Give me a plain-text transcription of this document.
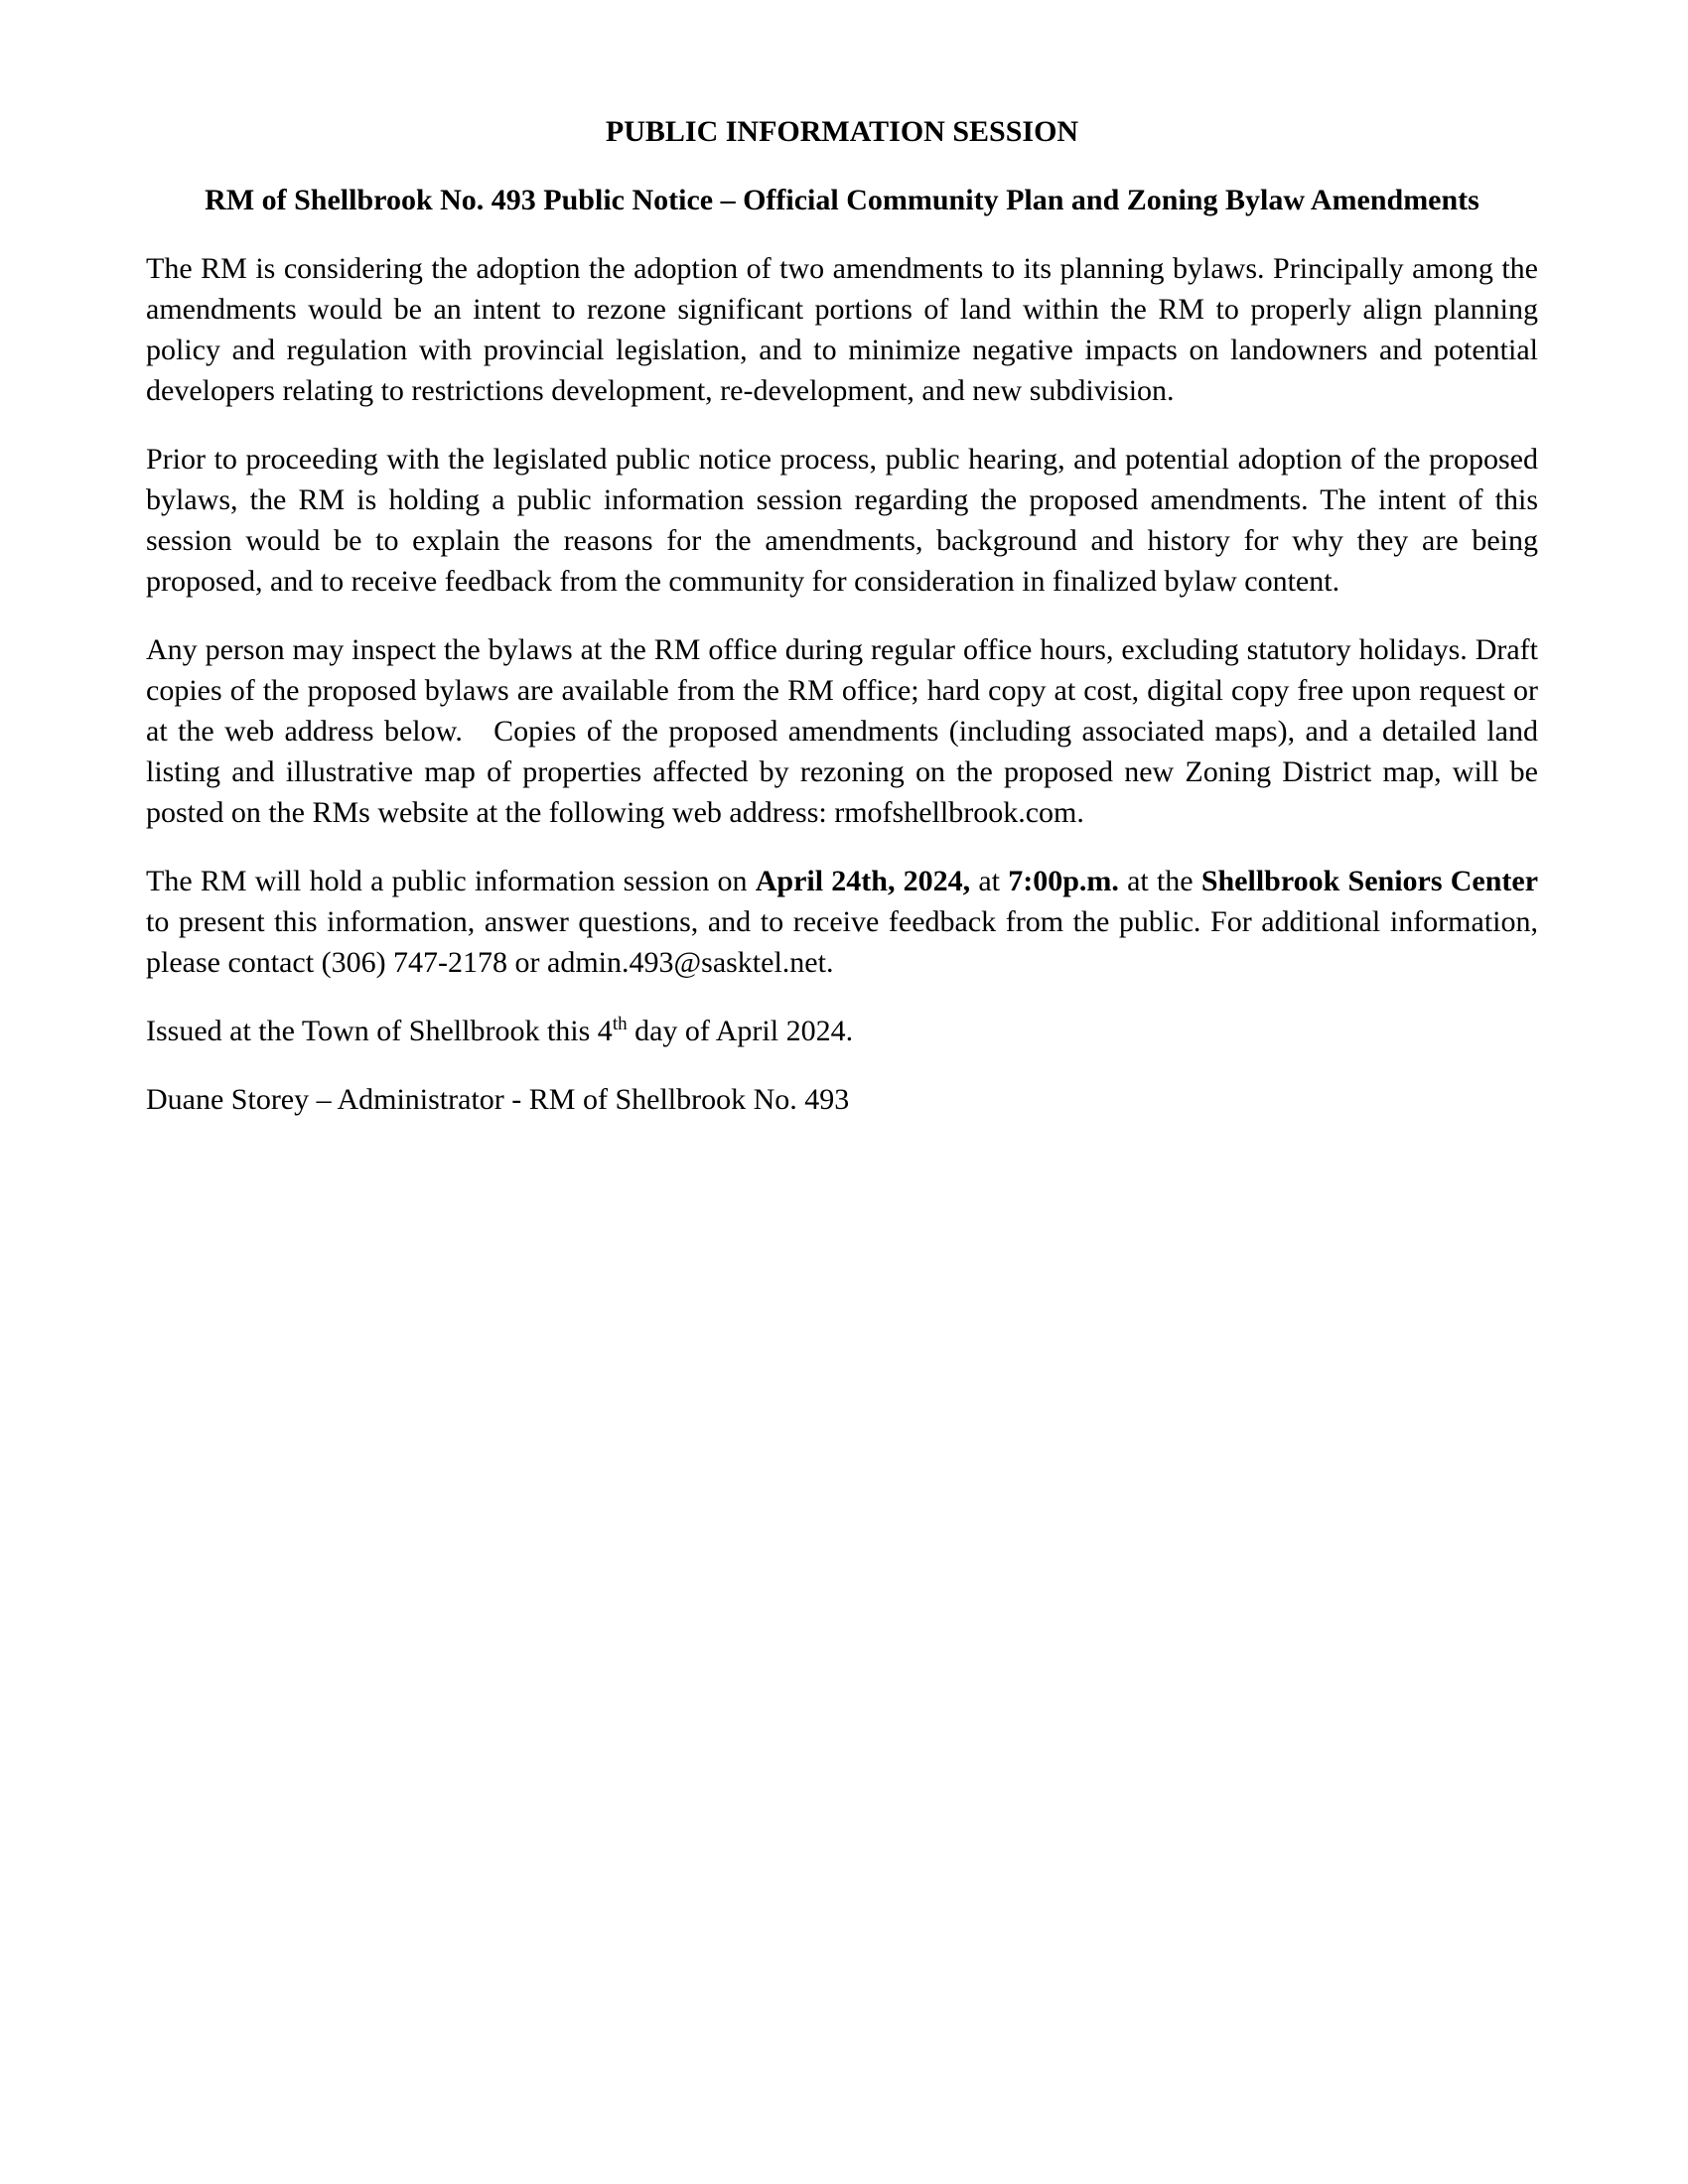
PUBLIC INFORMATION SESSION
RM of Shellbrook No. 493 Public Notice – Official Community Plan and Zoning Bylaw Amendments

The RM is considering the adoption the adoption of two amendments to its planning bylaws. Principally among the amendments would be an intent to rezone significant portions of land within the RM to properly align planning policy and regulation with provincial legislation, and to minimize negative impacts on landowners and potential developers relating to restrictions development, re-development, and new subdivision.

Prior to proceeding with the legislated public notice process, public hearing, and potential adoption of the proposed bylaws, the RM is holding a public information session regarding the proposed amendments. The intent of this session would be to explain the reasons for the amendments, background and history for why they are being proposed, and to receive feedback from the community for consideration in finalized bylaw content.

Any person may inspect the bylaws at the RM office during regular office hours, excluding statutory holidays. Draft copies of the proposed bylaws are available from the RM office; hard copy at cost, digital copy free upon request or at the web address below.   Copies of the proposed amendments (including associated maps), and a detailed land listing and illustrative map of properties affected by rezoning on the proposed new Zoning District map, will be posted on the RMs website at the following web address: rmofshellbrook.com.

The RM will hold a public information session on April 24th, 2024, at 7:00p.m. at the Shellbrook Seniors Center to present this information, answer questions, and to receive feedback from the public. For additional information, please contact (306) 747-2178 or admin.493@sasktel.net.

Issued at the Town of Shellbrook this 4th day of April 2024.

Duane Storey – Administrator - RM of Shellbrook No. 493
